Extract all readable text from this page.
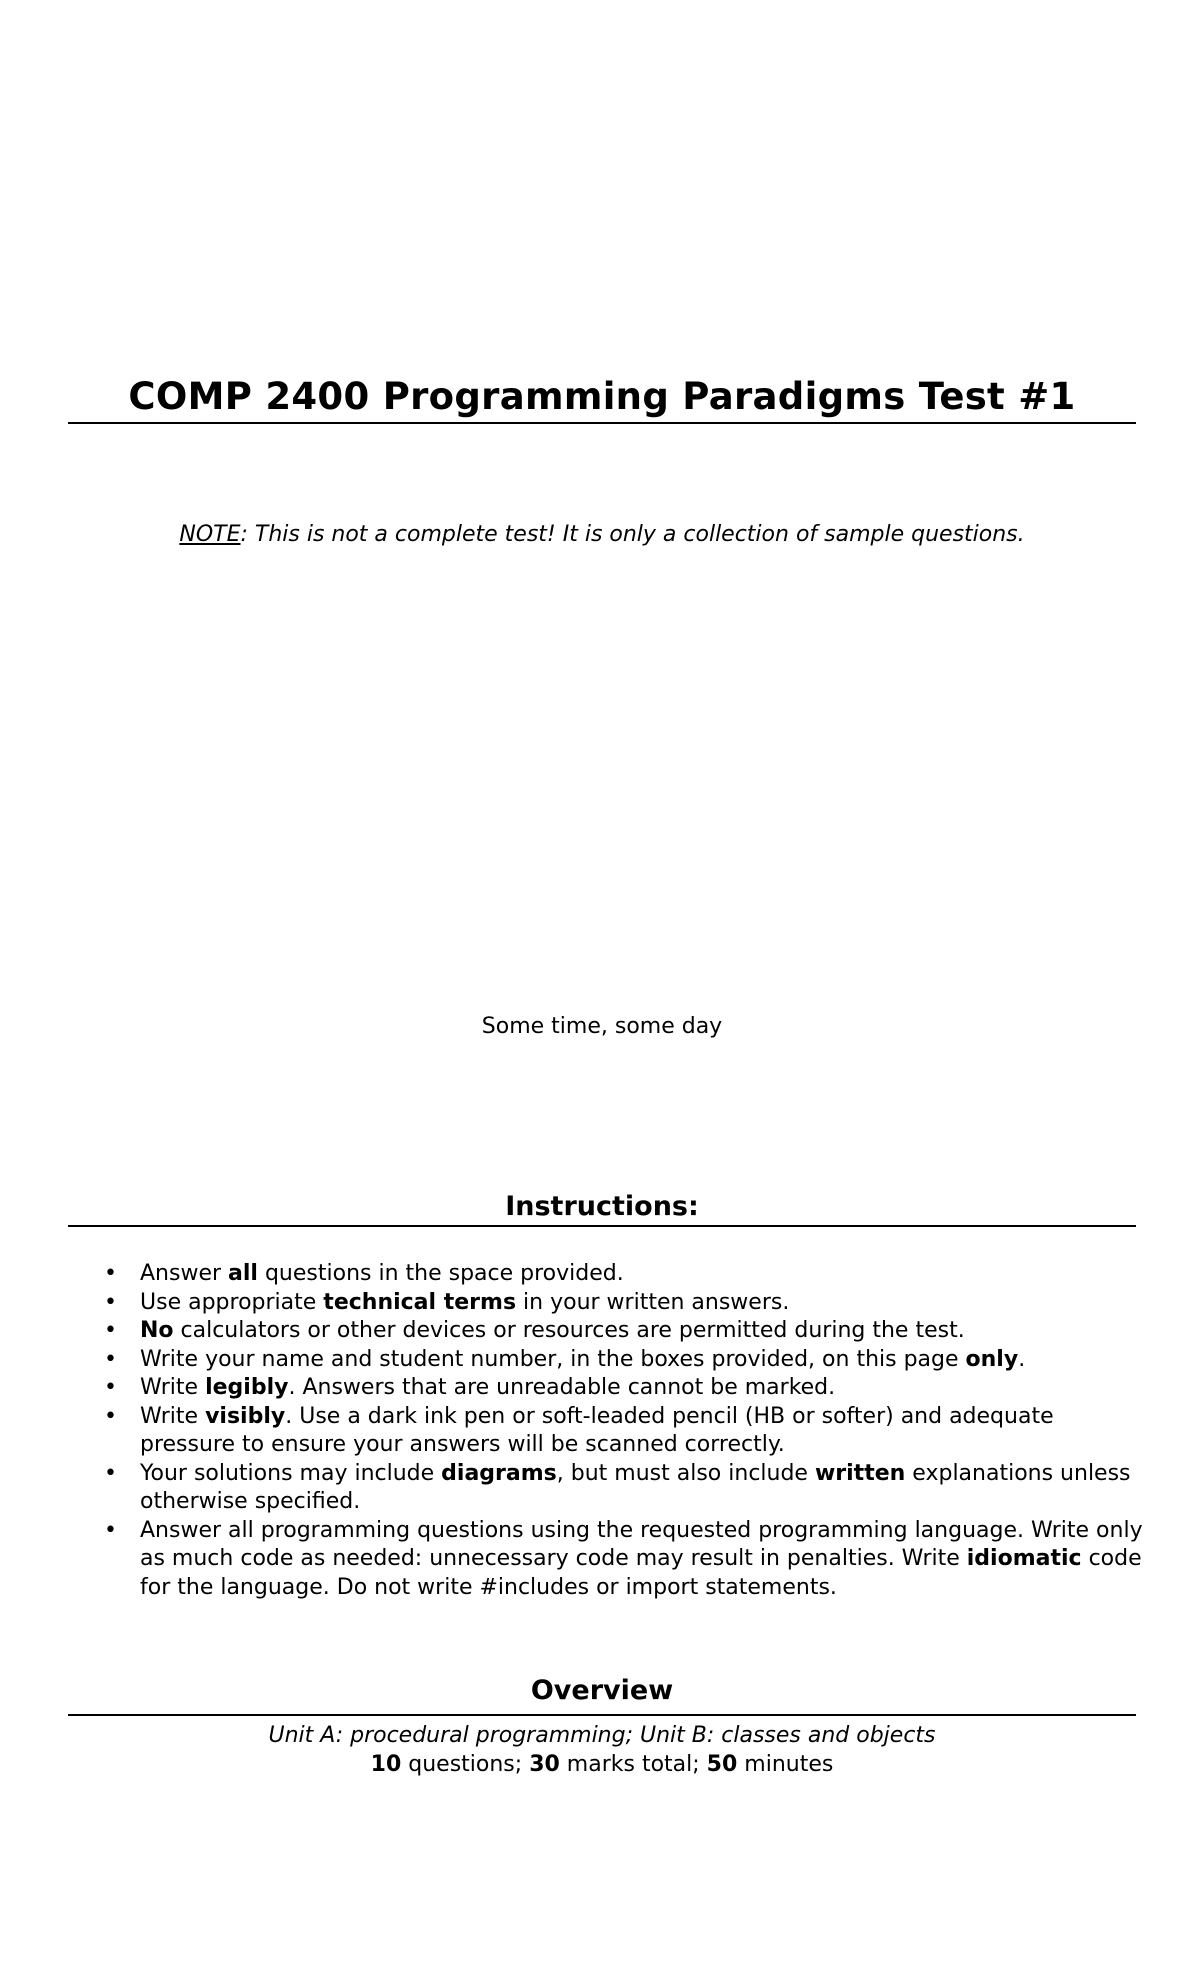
COMP 2400 Programming Paradigms Test #1
NOTE: This is not a complete test! It is only a collection of sample questions.
Some time, some day
Instructions:
• Answer all questions in the space provided.
• Use appropriate technical terms in your written answers.
• No calculators or other devices or resources are permitted during the test.
• Write your name and student number, in the boxes provided, on this page only.
• Write legibly. Answers that are unreadable cannot be marked.
• Write visibly. Use a dark ink pen or soft-leaded pencil (HB or softer) and adequate pressure to ensure your answers will be scanned correctly.
• Your solutions may include diagrams, but must also include written explanations unless otherwise specified.
• Answer all programming questions using the requested programming language. Write only as much code as needed: unnecessary code may result in penalties. Write idiomatic code for the language. Do not write #includes or import statements.
Overview
Unit A: procedural programming; Unit B: classes and objects
10 questions; 30 marks total; 50 minutes
